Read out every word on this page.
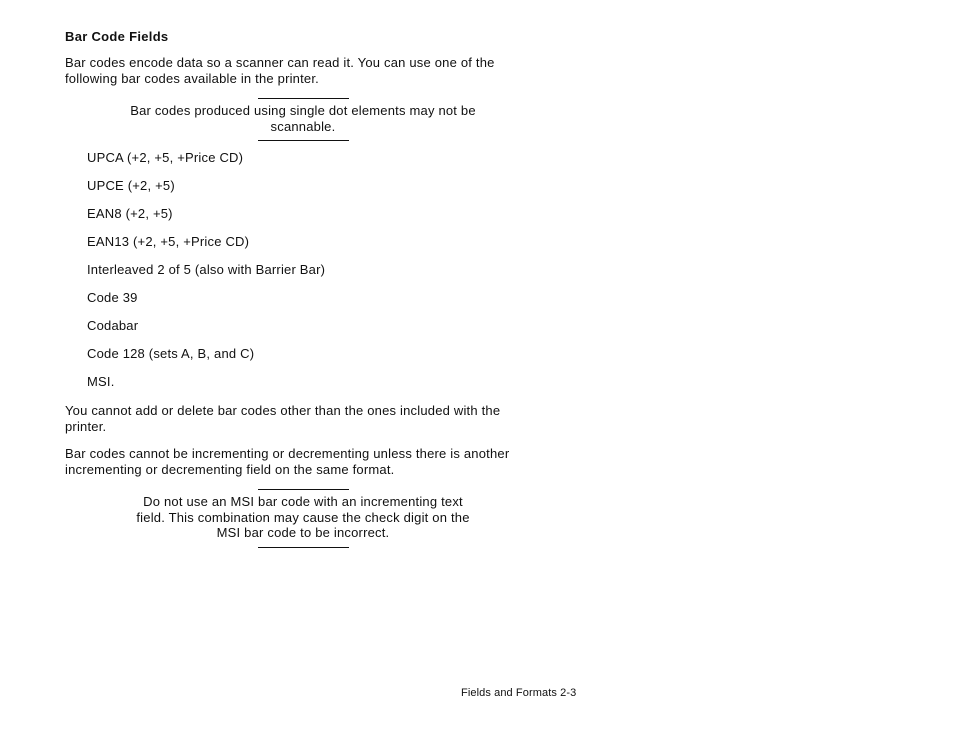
Bar Code Fields
Bar codes encode data so a scanner can read it. You can use one of the following bar codes available in the printer.
Bar codes produced using single dot elements may not be scannable.
UPCA (+2, +5, +Price CD)
UPCE (+2, +5)
EAN8 (+2, +5)
EAN13 (+2, +5, +Price CD)
Interleaved 2 of 5 (also with Barrier Bar)
Code 39
Codabar
Code 128 (sets A, B, and C)
MSI.
You cannot add or delete bar codes other than the ones included with the printer.
Bar codes cannot be incrementing or decrementing unless there is another incrementing or decrementing field on the same format.
Do not use an MSI bar code with an incrementing text field. This combination may cause the check digit on the MSI bar code to be incorrect.
Fields and Formats 2-3
